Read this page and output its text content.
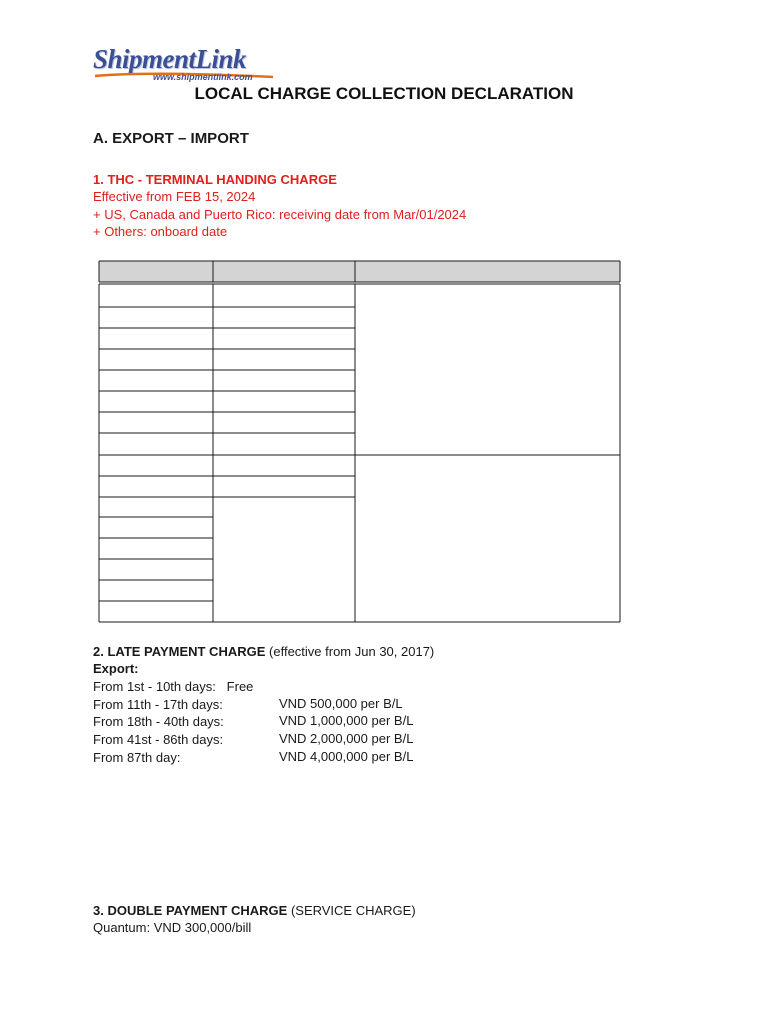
ShipmentLink
www.shipmentlink.com
LOCAL CHARGE COLLECTION DECLARATION
A. EXPORT – IMPORT
1. THC - TERMINAL HANDING CHARGE
Effective from FEB 15, 2024
+ US, Canada and Puerto Rico: receiving date from Mar/01/2024
+ Others: onboard date
2. LATE PAYMENT CHARGE (effective from Jun 30, 2017)
Export:
From 1st - 10th days: Free
From 11th - 17th days:	VND 500,000 per B/L
From 18th - 40th days:	VND 1,000,000 per B/L
From 41st - 86th days:	VND 2,000,000 per B/L
From 87th day:	VND 4,000,000 per B/L
3. DOUBLE PAYMENT CHARGE (SERVICE CHARGE)
Quantum: VND 300,000/bill
